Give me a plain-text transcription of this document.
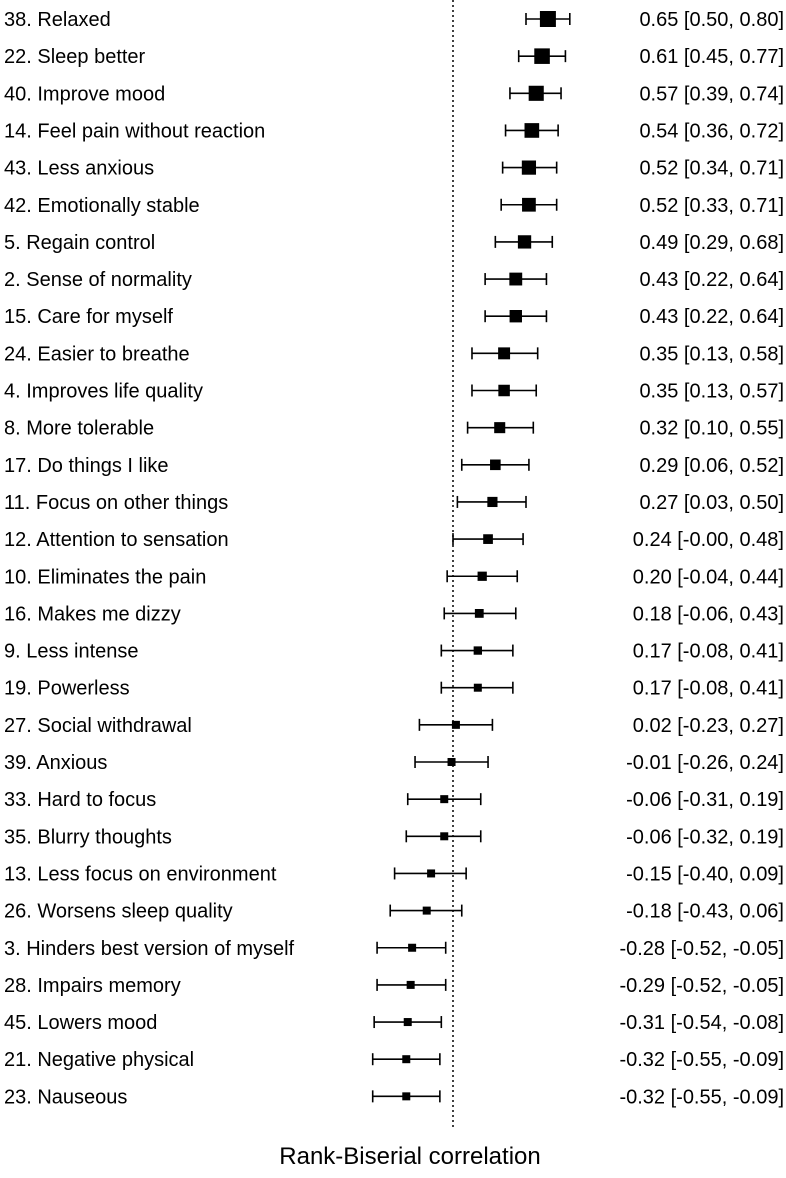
38. Relaxed	0.65 [0.50, 0.80]
22. Sleep better	0.61 [0.45, 0.77]
40. Improve mood	0.57 [0.39, 0.74]
14. Feel pain without reaction	0.54 [0.36, 0.72]
43. Less anxious	0.52 [0.34, 0.71]
42. Emotionally stable	0.52 [0.33, 0.71]
5. Regain control	0.49 [0.29, 0.68]
2. Sense of normality	0.43 [0.22, 0.64]
15. Care for myself	0.43 [0.22, 0.64]
24. Easier to breathe	0.35 [0.13, 0.58]
4. Improves life quality	0.35 [0.13, 0.57]
8. More tolerable	0.32 [0.10, 0.55]
17. Do things I like	0.29 [0.06, 0.52]
11. Focus on other things	0.27 [0.03, 0.50]
12. Attention to sensation	0.24 [-0.00, 0.48]
10. Eliminates the pain	0.20 [-0.04, 0.44]
16. Makes me dizzy	0.18 [-0.06, 0.43]
9. Less intense	0.17 [-0.08, 0.41]
19. Powerless	0.17 [-0.08, 0.41]
27. Social withdrawal	0.02 [-0.23, 0.27]
39. Anxious	-0.01 [-0.26, 0.24]
33. Hard to focus	-0.06 [-0.31, 0.19]
35. Blurry thoughts	-0.06 [-0.32, 0.19]
13. Less focus on environment	-0.15 [-0.40, 0.09]
26. Worsens sleep quality	-0.18 [-0.43, 0.06]
3. Hinders best version of myself	-0.28 [-0.52, -0.05]
28. Impairs memory	-0.29 [-0.52, -0.05]
45. Lowers mood	-0.31 [-0.54, -0.08]
21. Negative physical	-0.32 [-0.55, -0.09]
23. Nauseous	-0.32 [-0.55, -0.09]
Rank-Biserial correlation
